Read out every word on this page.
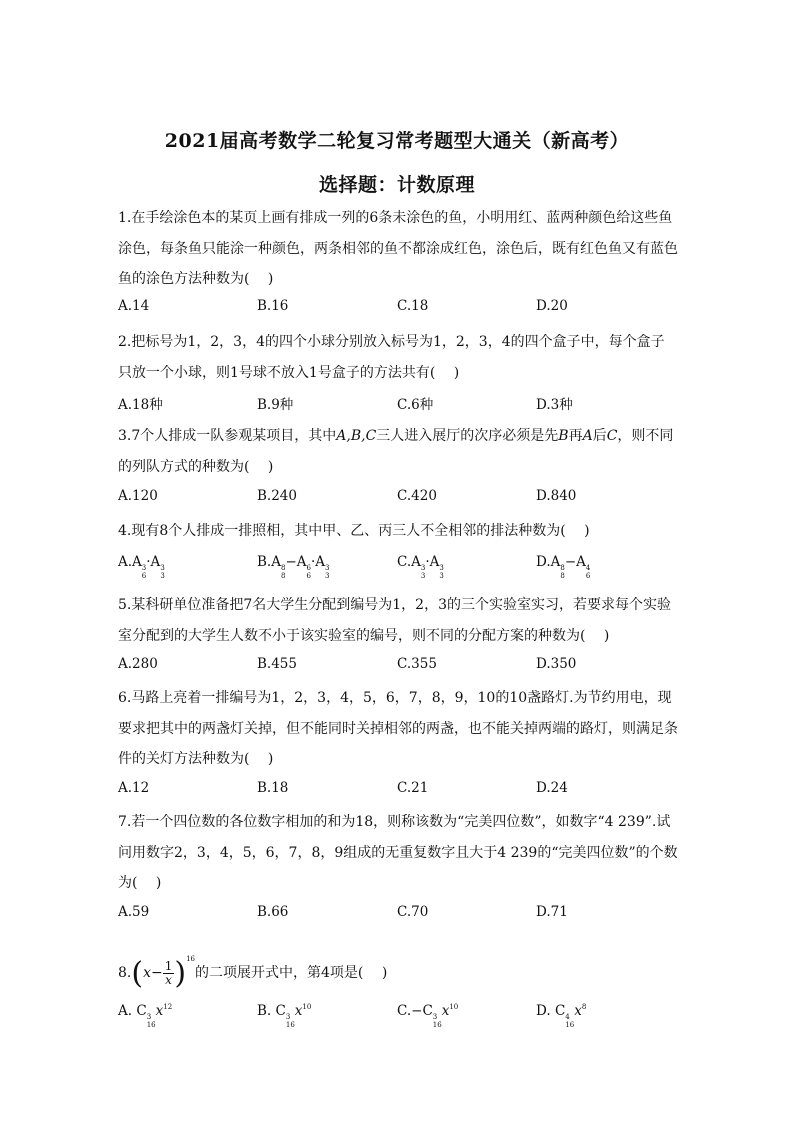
2021届高考数学二轮复习常考题型大通关（新高考）
选择题：计数原理
1.在手绘涂色本的某页上画有排成一列的6条未涂色的鱼，小明用红、蓝两种颜色给这些鱼涂色，每条鱼只能涂一种颜色，两条相邻的鱼不都涂成红色，涂色后，既有红色鱼又有蓝色鱼的涂色方法种数为(　 )
A.14	B.16	C.18	D.20
2.把标号为1，2，3，4的四个小球分别放入标号为1，2，3，4的四个盒子中，每个盒子只放一个小球，则1号球不放入1号盒子的方法共有(　 )
A.18种	B.9种	C.6种	D.3种
3.7个人排成一队参观某项目，其中A,B,C三人进入展厅的次序必须是先B再A后C，则不同的列队方式的种数为(　 )
A.120	B.240	C.420	D.840
4.现有8个人排成一排照相，其中甲、乙、丙三人不全相邻的排法种数为(　 )
A.A 3
6
·A 3
3
B.A 8
8
−A 6
6
·A 3
3
C.A 3
3
·A 3
3
D.A 8
8
−A 4
6
5.某科研单位准备把7名大学生分配到编号为1，2，3的三个实验室实习，若要求每个实验室分配到的大学生人数不小于该实验室的编号，则不同的分配方案的种数为(　 )
A.280	B.455	C.355	D.350
6.马路上亮着一排编号为1，2，3，4，5，6，7，8，9，10的10盏路灯.为节约用电，现要求把其中的两盏灯关掉，但不能同时关掉相邻的两盏，也不能关掉两端的路灯，则满足条件的关灯方法种数为(　 )
A.12	B.18	C.21	D.24
7.若一个四位数的各位数字相加的和为18，则称该数为“完美四位数”，如数字“4 239”.试问用数字2，3，4，5，6，7，8，9组成的无重复数字且大于4 239的“完美四位数”的个数为(　 )
A.59	B.66	C.70	D.71
$8.(x- \frac{1}{x} )^{16}$的二项展开式中，第4项是(　 )
A. C 3
16
$x^{12}$	B. C 3
16
$x^{10}$	C.−C 3
16
$x^{10}$	D. C 4
16
$x^8$
